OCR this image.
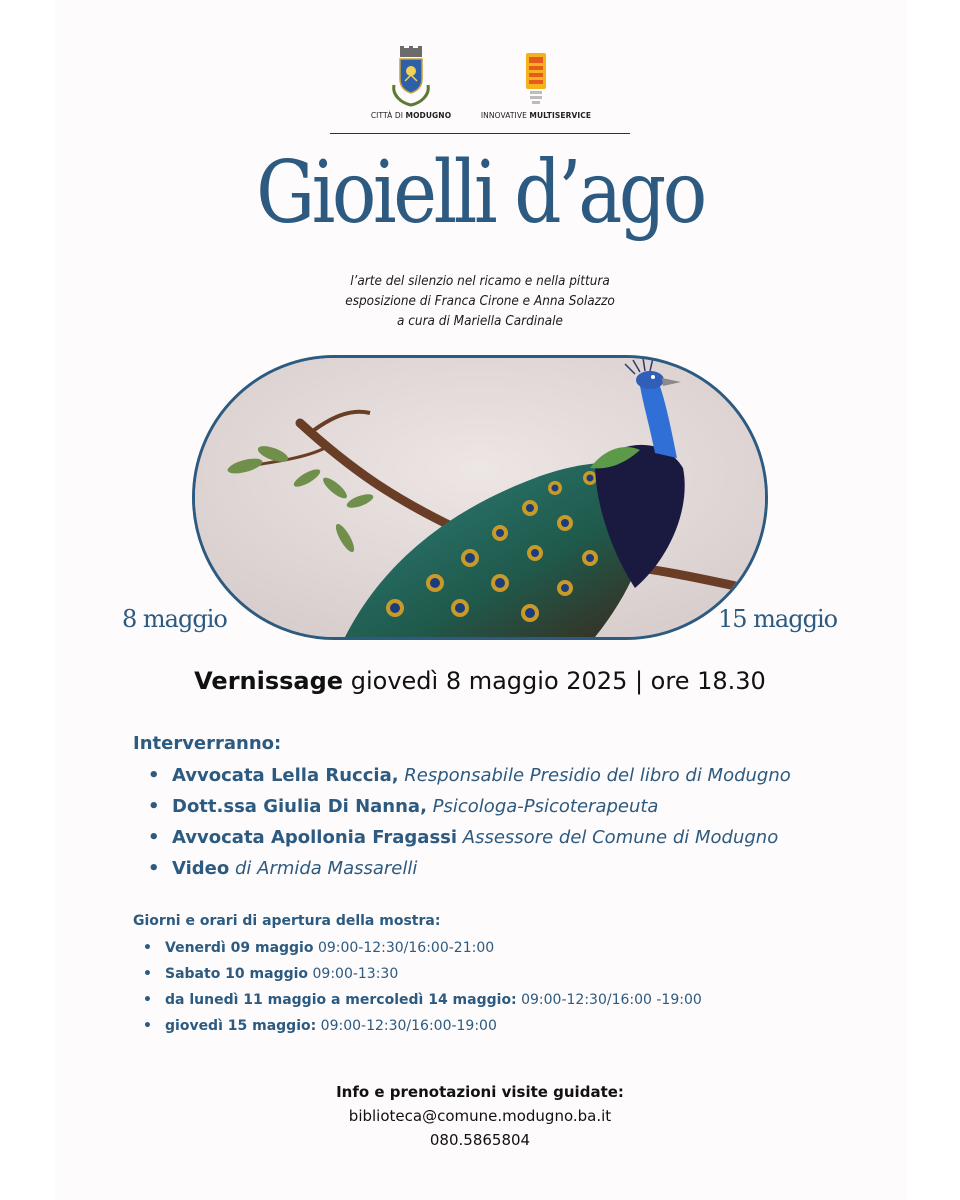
CITTÀ DI MODUGNO	INNOVATIVE MULTISERVICE
Gioielli d’ago
l’arte del silenzio nel ricamo e nella pittura
esposizione di Franca Cirone e Anna Solazzo
a cura di Mariella Cardinale
8 maggio	15 maggio
Vernissage giovedì 8 maggio 2025 | ore 18.30
Interverranno:
• Avvocata Lella Ruccia, Responsabile Presidio del libro di Modugno
• Dott.ssa Giulia Di Nanna, Psicologa-Psicoterapeuta
• Avvocata Apollonia Fragassi Assessore del Comune di Modugno
• Video di Armida Massarelli
Giorni e orari di apertura della mostra:
• Venerdì 09 maggio 09:00-12:30/16:00-21:00
• Sabato 10 maggio 09:00-13:30
• da lunedì 11 maggio a mercoledì 14 maggio: 09:00-12:30/16:00 -19:00
• giovedì 15 maggio: 09:00-12:30/16:00-19:00
Info e prenotazioni visite guidate:
biblioteca@comune.modugno.ba.it
080.5865804
